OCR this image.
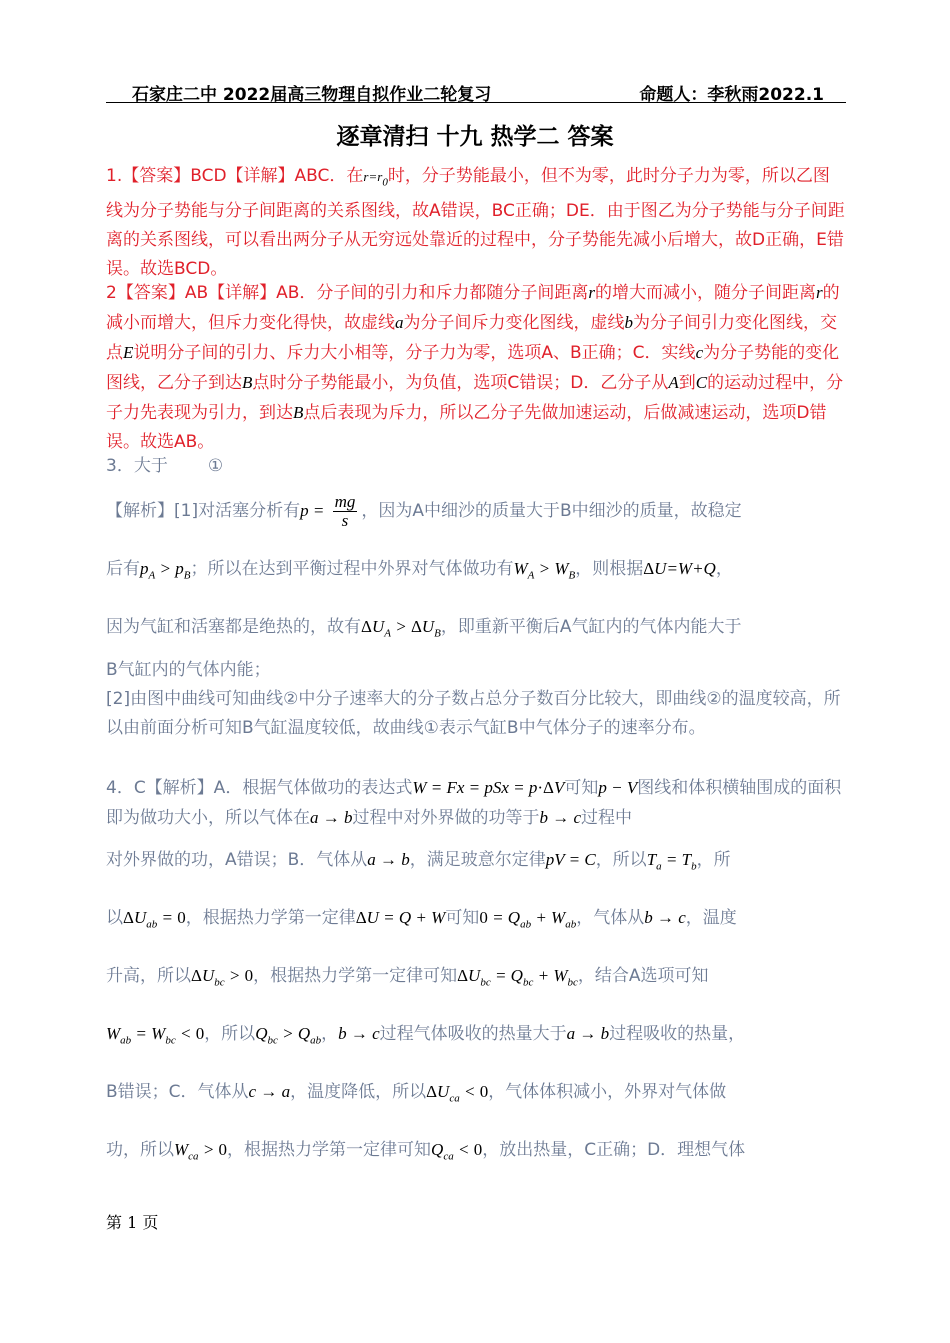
石家庄二中 2022届高三物理自拟作业二轮复习	命题人：李秋雨2022.1
逐章清扫 十九 热学二 答案

1.【答案】BCD【详解】ABC．在$r=r_0$时，分子势能最小，但不为零，此时分子力为零，所以乙图线为分子势能与分子间距离的关系图线，故A错误，BC正确；DE．由于图乙为分子势能与分子间距离的关系图线，可以看出两分子从无穷远处靠近的过程中，分子势能先减小后增大，故D正确，E错误。故选BCD。

2【答案】AB【详解】AB．分子间的引力和斥力都随分子间距离r的增大而减小，随分子间距离r的减小而增大，但斥力变化得快，故虚线a为分子间斥力变化图线，虚线b为分子间引力变化图线，交点E说明分子间的引力、斥力大小相等，分子力为零，选项A、B正确；C．实线c为分子势能的变化图线，乙分子到达B点时分子势能最小，为负值，选项C错误；D．乙分子从A到C的运动过程中，分子力先表现为引力，到达B点后表现为斥力，所以乙分子先做加速运动，后做减速运动，选项D错误。故选AB。

3．大于 ①

【解析】[1]对活塞分析有$p = \frac{mg}{s}$ ，因为A中细沙的质量大于B中细沙的质量，故稳定

后有$p_A > p_B$；所以在达到平衡过程中外界对气体做功有$W_A > W_B$，则根据ΔU=W+Q，

因为气缸和活塞都是绝热的，故有$\Delta U_A > \Delta U_B$，即重新平衡后A气缸内的气体内能大于

B气缸内的气体内能；

[2]由图中曲线可知曲线②中分子速率大的分子数占总分子数百分比较大，即曲线②的温度较高，所以由前面分析可知B气缸温度较低，故曲线①表示气缸B中气体分子的速率分布。

4．C【解析】A．根据气体做功的表达式W = Fx = pSx = p·ΔV可知p − V图线和体积横轴围成的面积即为做功大小，所以气体在a → b过程中对外界做的功等于b → c过程中

对外界做的功，A错误；B．气体从a → b，满足玻意尔定律pV = C，所以$T_a = T_b$，所

以$\Delta U_{ab} = 0$，根据热力学第一定律ΔU = Q + W可知$0 = Q_{ab} + W_{ab}$，气体从b → c，温度

升高，所以$\Delta U_{bc} > 0$，根据热力学第一定律可知$\Delta U_{bc} = Q_{bc} + W_{bc}$，结合A选项可知

$W_{ab} = W_{bc} < 0$，所以$Q_{bc} > Q_{ab}$，b → c过程气体吸收的热量大于a → b过程吸收的热量，

B错误；C．气体从c → a，温度降低，所以$\Delta U_{ca} < 0$，气体体积减小，外界对气体做

功，所以$W_{ca} > 0$，根据热力学第一定律可知$Q_{ca} < 0$，放出热量，C正确；D．理想气体

第 1 页
